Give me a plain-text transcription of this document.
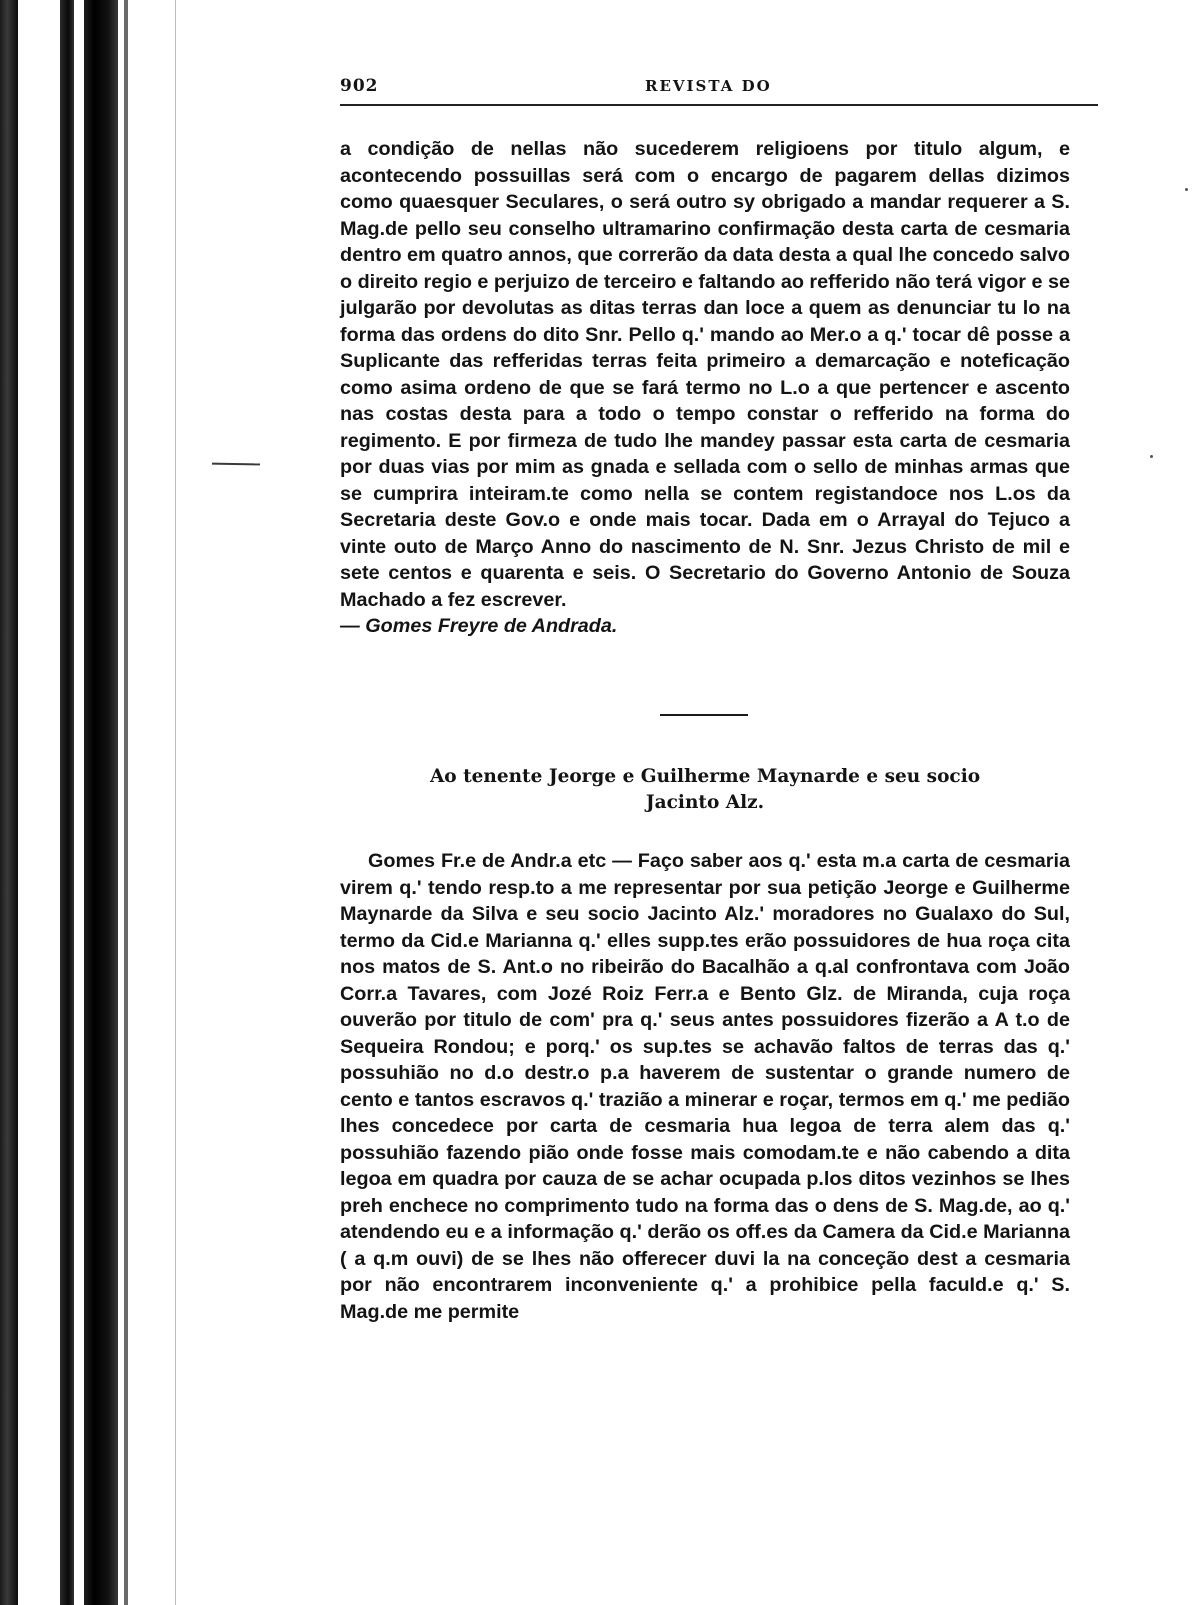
902	REVISTA DO

a condição de nellas não sucederem religioens por titulo algum, e acontecendo possuillas será com o encargo de pagarem dellas dizimos como quaesquer Seculares, o será outro sy obrigado a mandar requerer a S. Mag.de pello seu conselho ultramarino confirmação desta carta de cesmaria dentro em quatro annos, que correrão da data desta a qual lhe concedo salvo o direito regio e perjuizo de terceiro e faltando ao refferido não terá vigor e se julgarão por devolutas as ditas terras dan loce a quem as denunciar tu lo na forma das ordens do dito Snr. Pello q.' mando ao Mer.o a q.' tocar dê posse a Suplicante das refferidas terras feita primeiro a demarcação e noteficação como asima ordeno de que se fará termo no L.o a que pertencer e ascento nas costas desta para a todo o tempo constar o refferido na forma do regimento. E por firmeza de tudo lhe mandey passar esta carta de cesmaria por duas vias por mim as gnada e sellada com o sello de minhas armas que se cumprira inteiram.te como nella se contem registandoce nos L.os da Secretaria deste Gov.o e onde mais tocar. Dada em o Arrayal do Tejuco a vinte outo de Março Anno do nascimento de N. Snr. Jezus Christo de mil e sete centos e quarenta e seis. O Secretario do Governo Antonio de Souza Machado a fez escrever.
— Gomes Freyre de Andrada.

Ao tenente Jeorge e Guilherme Maynarde e seu socio
Jacinto Alz.

Gomes Fr.e de Andr.a etc — Faço saber aos q.' esta m.a carta de cesmaria virem q.' tendo resp.to a me representar por sua petição Jeorge e Guilherme Maynarde da Silva e seu socio Jacinto Alz.' moradores no Gualaxo do Sul, termo da Cid.e Marianna q.' elles supp.tes erão possuidores de hua roça cita nos matos de S. Ant.o no ribeirão do Bacalhão a q.al confrontava com João Corr.a Tavares, com Jozé Roiz Ferr.a e Bento Glz. de Miranda, cuja roça ouverão por titulo de com' pra q.' seus antes possuidores fizerão a A t.o de Sequeira Rondou; e porq.' os sup.tes se achavão faltos de terras das q.' possuhião no d.o destr.o p.a haverem de sustentar o grande numero de cento e tantos escravos q.' trazião a minerar e roçar, termos em q.' me pedião lhes concedece por carta de cesmaria hua legoa de terra alem das q.' possuhião fazendo pião onde fosse mais comodam.te e não cabendo a dita legoa em quadra por cauza de se achar ocupada p.los ditos vezinhos se lhes preh enchece no comprimento tudo na forma das o dens de S. Mag.de, ao q.' atendendo eu e a informação q.' derão os off.es da Camera da Cid.e Marianna ( a q.m ouvi) de se lhes não offerecer duvi la na conceção dest a cesmaria por não encontrarem inconveniente q.' a prohibice pella facuId.e q.' S. Mag.de me permite
